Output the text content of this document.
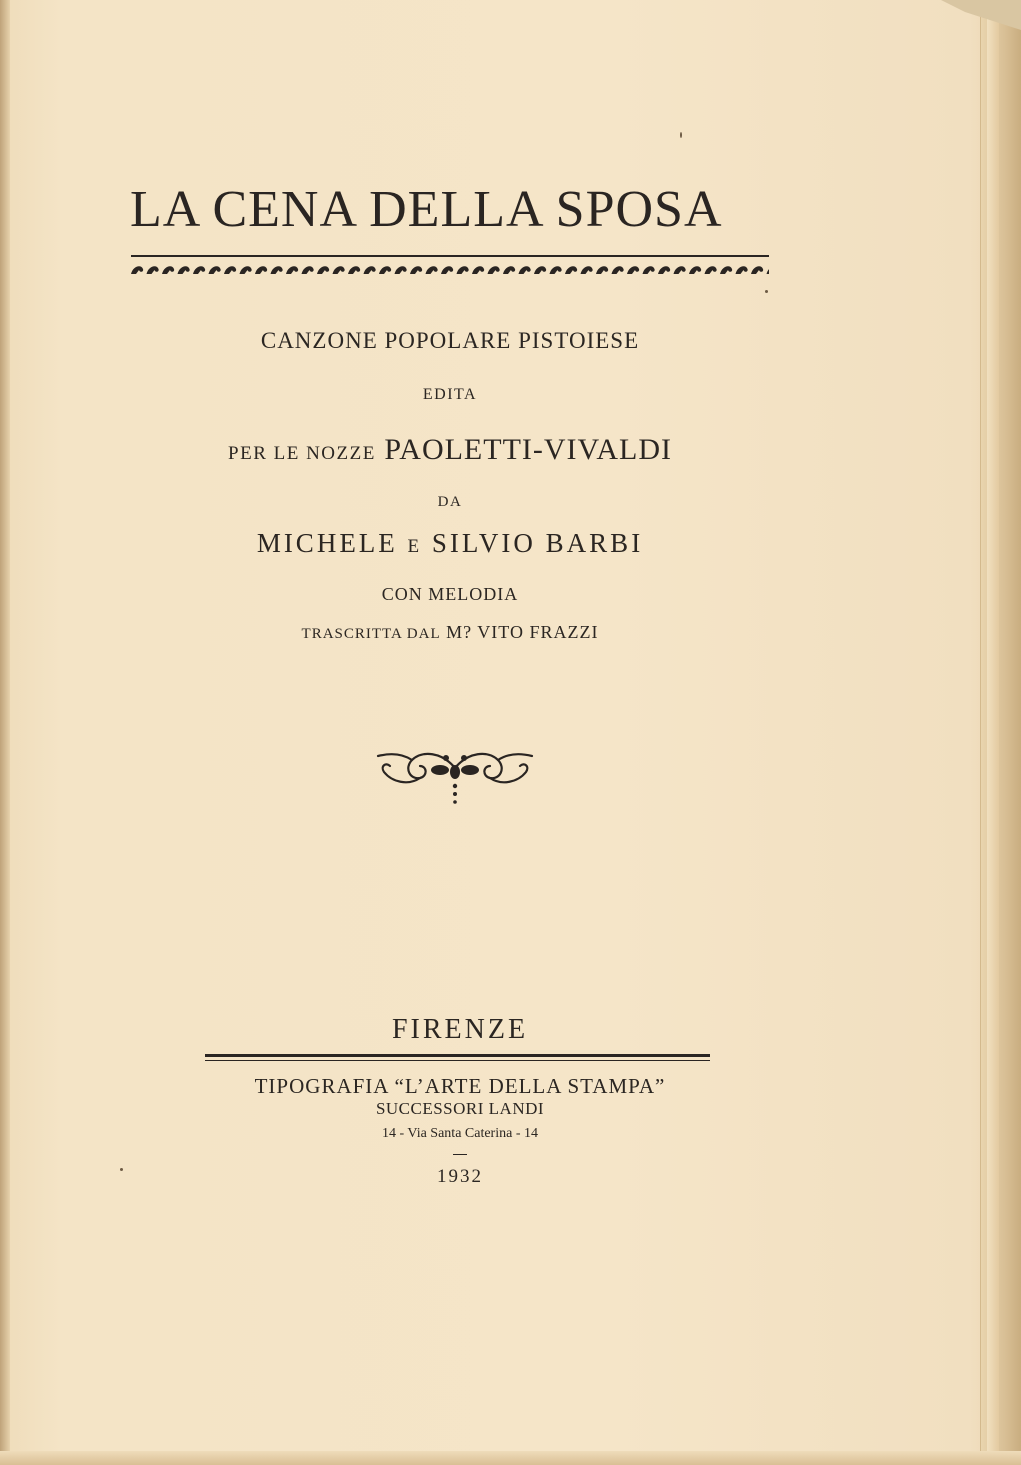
LA CENA DELLA SPOSA
CANZONE POPOLARE PISTOIESE
EDITA
PER LE NOZZE PAOLETTI-VIVALDI
DA
MICHELE E SILVIO BARBI
CON MELODIA
TRASCRITTA DAL M? VITO FRAZZI
FIRENZE
TIPOGRAFIA “L’ARTE DELLA STAMPA”
SUCCESSORI LANDI
14 - Via Santa Caterina - 14
1932
